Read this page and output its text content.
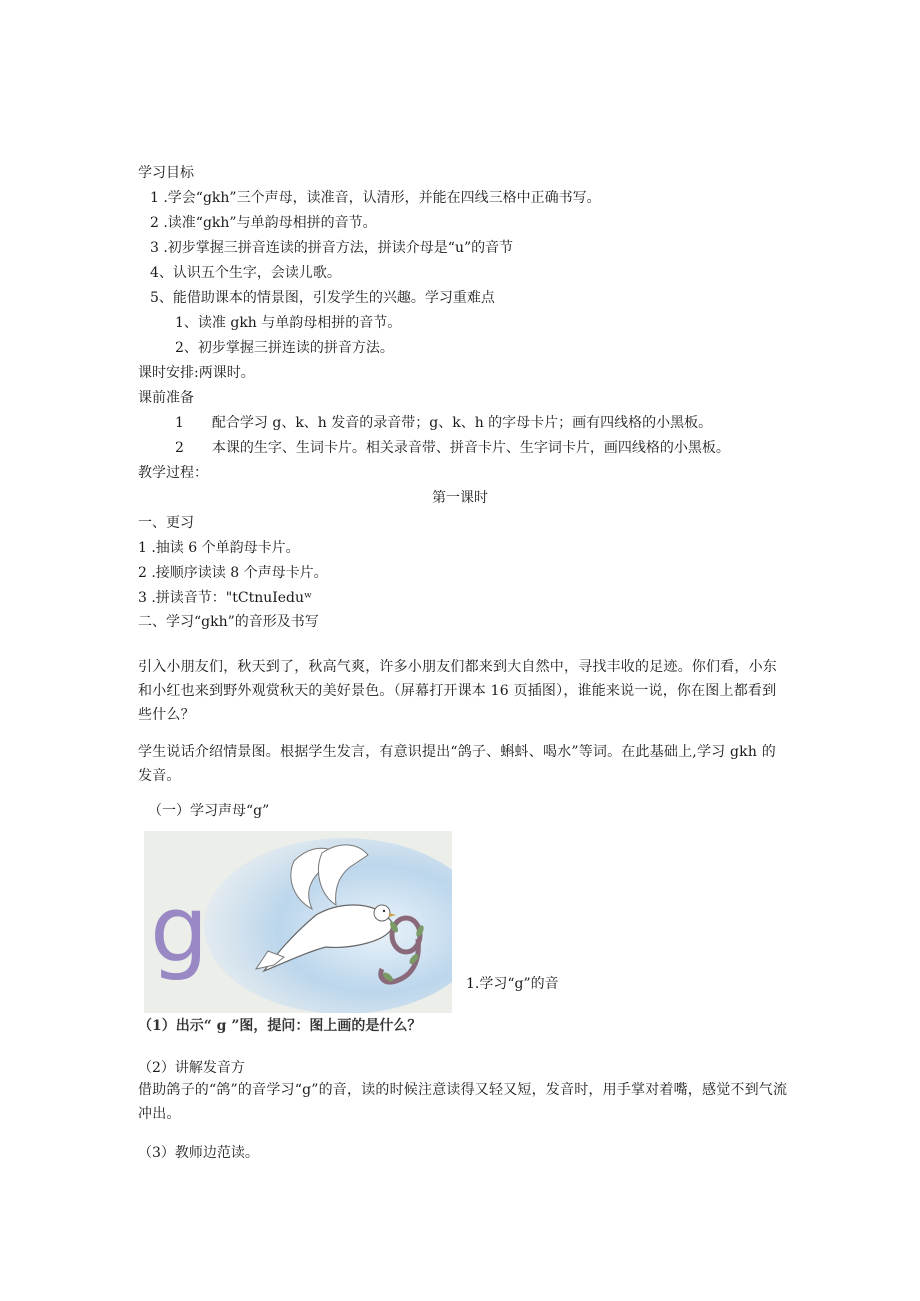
学习目标
1 .学会“gkh”三个声母，读准音，认清形，并能在四线三格中正确书写。
2 .读准“gkh”与单韵母相拼的音节。
3 .初步掌握三拼音连读的拼音方法，拼读介母是“u”的音节
4、认识五个生字，会读儿歌。
5、能借助课本的情景图，引发学生的兴趣。学习重难点
1、读准 gkh 与单韵母相拼的音节。
2、初步掌握三拼连读的拼音方法。
课时安排:两课时。
课前准备
1　　配合学习 g、k、h 发音的录音带；g、k、h 的字母卡片；画有四线格的小黑板。
2　　本课的生字、生词卡片。相关录音带、拼音卡片、生字词卡片，画四线格的小黑板。
教学过程：
第一课时
一、更习
1 .抽读 6 个单韵母卡片。
2 .接顺序读读 8 个声母卡片。
3 .拼读音节："tCtnuIeduʷ
二、学习“gkh”的音形及书写
引入小朋友们，秋天到了，秋高气爽，许多小朋友们都来到大自然中，寻找丰收的足迹。你们看，小东和小红也来到野外观赏秋天的美好景色。（屏幕打开课本 16 页插图），谁能来说一说，你在图上都看到些什么？
学生说话介绍情景图。根据学生发言，有意识提出“鸽子、蝌蚪、喝水”等词。在此基础上,学习 gkh 的发音。
（一）学习声母“g”
g
1.学习“g”的音
（1）出示“ g ”图，提问：图上画的是什么？
（2）讲解发音方
借助鸽子的“鸽”的音学习“g”的音，读的时候注意读得又轻又短，发音时，用手掌对着嘴，感觉不到气流冲出。
（3）教师边范读。
